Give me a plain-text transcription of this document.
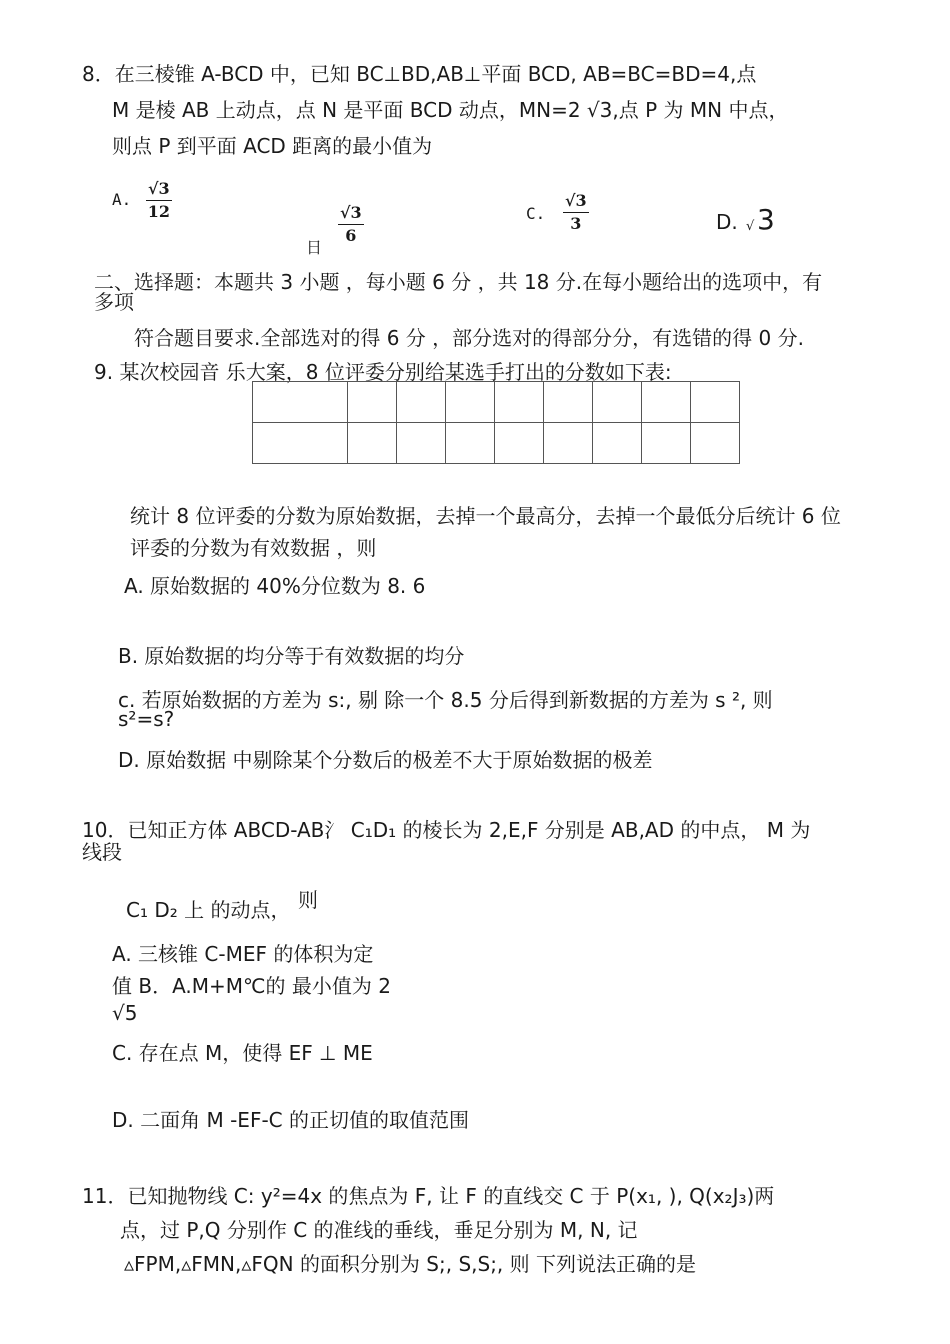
8．在三棱锥 A-BCD 中，已知 BC⊥BD,AB⊥平面 BCD, AB=BC=BD=4,点
M 是棱 AB 上动点，点 N 是平面 BCD 动点，MN=2 √3,点 P 为 MN 中点，
则点 P 到平面 ACD 距离的最小值为
A. $\frac{√3}{12}$
日
$\frac{√3}{6}$	C. $\frac{√3}{3}$	D. √ 3
二、选择题：本题共 3 小题 ，每小题 6 分 ，共 18 分.在每小题给出的选项中，有
多项
符合题目要求.全部选对的得 6 分 ，部分选对的得部分分，有选错的得 0 分.
9. 某次校园音 乐大案，8 位评委分别给某选手打出的分数如下表:

统计 8 位评委的分数为原始数据，去掉一个最高分，去掉一个最低分后统计 6 位
评委的分数为有效数据 ，则
A. 原始数据的 40%分位数为 8. 6
B. 原始数据的均分等于有效数据的均分
c. 若原始数据的方差为 s:, 剔 除一个 8.5 分后得到新数据的方差为 s ², 则
s²=s?
D. 原始数据 中剔除某个分数后的极差不大于原始数据的极差
10．已知正方体 ABCD-AB氵 C₁D₁ 的棱长为 2,E,F 分别是 AB,AD 的中点， M 为
线段
C₁ D₂ 上 的动点， 则
A. 三核锥 C-MEF 的体积为定
值 B．A.M+M℃的 最小值为 2
√5
C. 存在点 M，使得 EF ⊥ ME
D. 二面角 M -EF-C 的正切值的取值范围
11．已知抛物线 C: y²=4x 的焦点为 F, 让 F 的直线交 C 于 P(x₁, ), Q(x₂J₃)两
点，过 P,Q 分别作 C 的准线的垂线，垂足分别为 M, N, 记
▵FPM,▵FMN,▵FQN 的面积分别为 S;, S,S;, 则 下列说法正确的是
